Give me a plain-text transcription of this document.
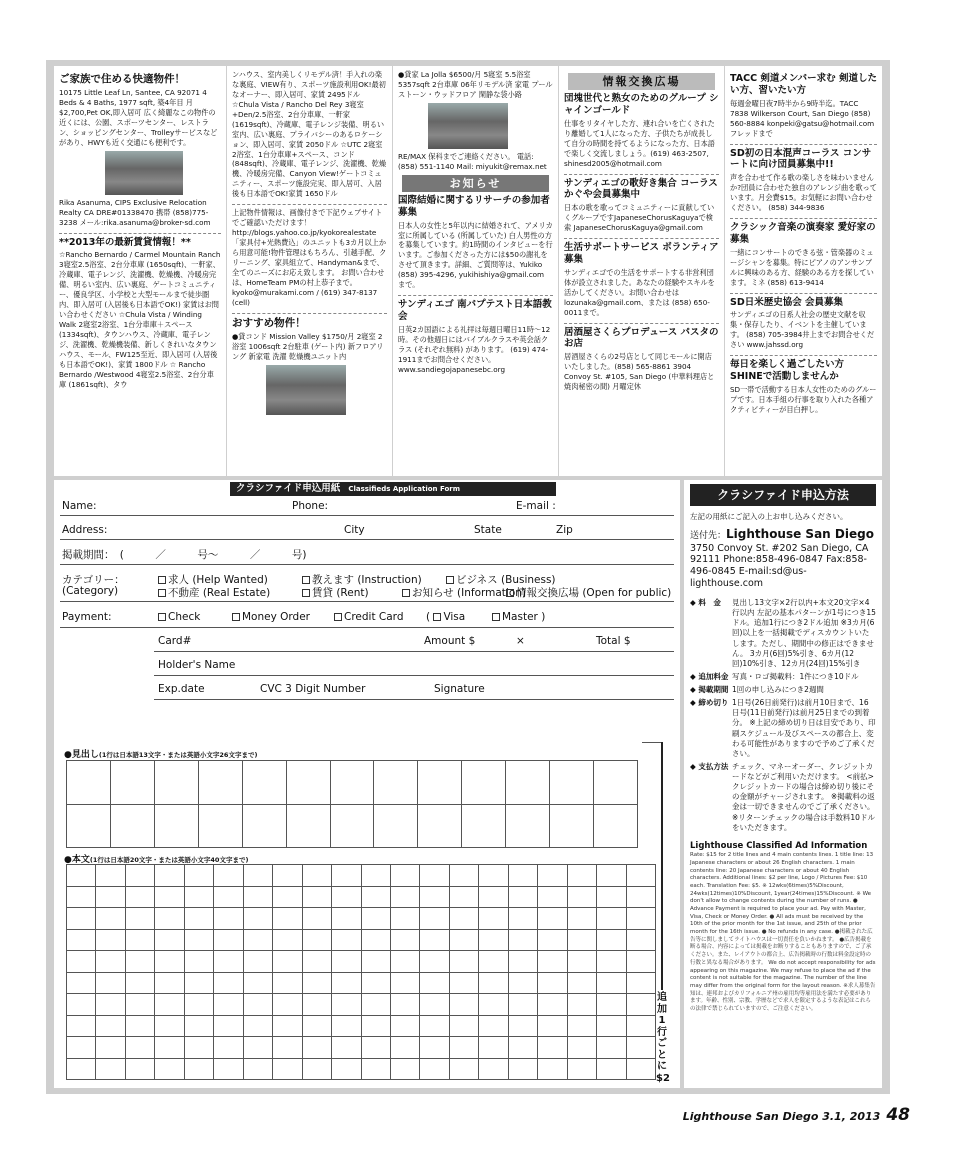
ご家族で住める快適物件！
10175 Little Leaf Ln, Santee, CA 92071 4 Beds & 4 Baths, 1977 sqft, 築4年目 月$2,700,Pet OK,即入居可 広く綺麗なこの物件の近くには、公園、スポーツセンター、レストラン、ショッピングセンター、Trolleyサービスなどがあり、HWYも近く交通にも便利です。
Rika Asanuma, CIPS Exclusive Relocation Realty CA DRE#01338470 携帯 (858)775-3238 メール:rika.asanuma@broker-sd.com
**2013年の最新賃貸情報！**
☆Rancho Bernardo / Carmel Mountain Ranch 3寝室2.5浴室、2台分車庫 (1650sqft)、一軒家、冷蔵庫、電子レンジ、洗濯機、乾燥機、冷暖房完備、明るい室内、広い裏庭、ゲートコミュニティー、優良学区、小学校と大型モールまで徒歩圏内、即入居可 (入居後も日本語でOK!) 家賃はお問い合わせください ☆Chula Vista / Winding Walk 2寝室2浴室、1台分車庫＋スペース (1334sqft)、タウンハウス、冷蔵庫、電子レンジ、洗濯機、乾燥機装備、新しくきれいなタウンハウス、モール、FW125至近、即入居可 (入居後も日本語でOK!)、家賃 1800ドル ☆ Rancho Bernardo /Westwood 4寝室2.5浴室、2台分車庫 (1861sqft)、タウ
ンハウス、室内美しくリモデル済！手入れの楽な裏庭、VIEW有り、スポーツ施設利用OK!最初なオーナー、即入居可、家賃 2495ドル ☆Chula Vista / Rancho Del Rey 3寝室+Den/2.5浴室、2台分車庫、一軒家 (1619sqft)、冷蔵庫、電子レンジ装備、明るい室内、広い裏庭、プライバシーのあるロケーション、即入居可、家賃 2050ドル ☆UTC 2寝室2浴室、1台分車庫+スペース、コンド (848sqft)、冷蔵庫、電子レンジ、洗濯機、乾燥機、冷暖房完備、Canyon View!ゲートコミュニティー、スポーツ施設完実、即入居可、入居後も日本語でOK!家賃 1650ドル
上記物件情報は、画像付きで下記ウェブサイトでご確認いただけます！ http://blogs.yahoo.co.jp/kyokorealestate 「家具付+光熱費込」のユニットも3カ月以上から用意可能!物件管理はもちろん、引越手配、クリーニング、家具組立て、Handyman&まで、全てのニーズにお応え致します。 お問い合わせは、HomeTeam PMの村上恭子まで。kyoko@murakami.com / (619) 347-8137 (cell)
おすすめ物件！
●貸コンド Mission Valley $1750/月 2寝室 2浴室 1006sqft 2台駐車 (ゲート内) 新フロアリング 新家電 洗濯 乾燥機ユニット内
●貸家 La Jolla $6500/月 5寝室 5.5浴室 5357sqft 2台車庫 06年リモデル済 家電 プール ストーン・ウッドフロア 閑静な袋小路
RE/MAX 保科までご連絡ください。 電話: (858) 551-1140 Mail: miyukit@remax.net
お知らせ
国際結婚に関するリサーチの参加者募集
日本人の女性と5年以内に結婚されて、アメリカ室に所属している (所属していた) 白人男性の方を募集しています。約1時間のインタビューを行います。ご参加くださった方には$50の謝礼をさせて頂きます。詳細、ご質問等は、Yukiko (858) 395-4296, yukihishiya@gmail.com まで。
サンディエゴ 南バプテスト日本語教会
日英2カ国語による礼拝は毎週日曜日11時〜12時。その他週日にはバイブルクラスや英会話クラス (それぞれ無料) があります。 (619) 474-1911までお問合せください。 www.sandiegojapanesebc.org
情報交換広場
団塊世代と熟女のためのグループ シャインゴールド
仕事をリタイヤした方、連れ合いを亡くされたり離婚して1人になった方、子供たちが成長して自分の時間を持てるようになった方、日本語で楽しく交流しましょう。(619) 463-2507, shinesd2005@hotmail.com
サンディエゴの歌好き集合 コーラスかぐや会員募集中
日本の歌を歌ってコミュニティーに貢献していくグループですJapaneseChorusKaguyaで検索 JapaneseChorusKaguya@gmail.com
生活サポートサービス ボランティア募集
サンディエゴでの生活をサポートする非営利団体が設立されました。あなたの経験やスキルを活かしてください。お問い合わせはlozunaka@gmail.com、または (858) 650-0011まで。
居酒屋さくらプロデュース パスタのお店
居酒屋さくらの2号店として同じモールに開店いたしました。(858) 565-8861 3904 Convoy St. #105, San Diego (中華料理店と焼肉秘密の間) 月曜定休
TACC 剣道メンバー求む 剣道したい方、習いたい方
毎週金曜日夜7時半から9時半迄。TACC 7838 Wilkerson Court, San Diego (858) 560-8884 konpeki@gatsu@hotmail.com フレッドまで
SD初の日本混声コーラス コンサートに向け団員募集中!!
声を合わせて作る歌の楽しさを味わいませんか?団員に合わせた独自のアレンジ曲を歌っています。月会費$15。お気軽にお問い合わせください。 (858) 344-9836
クラシック音楽の演奏家 愛好家の募集
一緒にコンサートのできる弦・管楽器のミュージシャンを募集。特にピアノのアンサンブルに興味のある方、経験のある方を探しています。ミネ (858) 613-9414
SD日米歴史協会 会員募集
サンディエゴの日系人社会の歴史文献を収集・保存したり、イベントを主催しています。 (858) 705-3984井上までお問合せください www.jahssd.org
毎日を楽しく過ごしたい方 SHINEで活動しませんか
SD一帯で活動する日本人女性のためのグループです。日本手組の行事を取り入れた各種アクティビティーが目白押し。
クラシファイド申込用紙 Classifieds Application Form
Name:	Phone:	E-mail :
Address:	City	State	Zip
掲載期間：　(　　　／　　　号〜　　　／　　　号)
カテゴリー：
(Category)
求人 (Help Wanted)	教えます (Instruction)	ビジネス (Business)
不動産 (Real Estate)	賃貸 (Rent)	お知らせ (Information)
情報交換広場 (Open for public)
Payment:	Check	Money Order	Credit Card ( Visa	Master )
Card#	Amount $	×	Total $
Holder's Name
Exp.date	CVC 3 Digit Number	Signature
●見出し(1行は日本語13文字・または英語小文字26文字まで)
●本文(1行は日本語20文字・または英語小文字40文字まで)
追
加
1
行
ご
と
に
$2
クラシファイド申込方法
左記の用紙にご記入の上お申し込みください。
送付先：Lighthouse San Diego
3750 Convoy St. #202 San Diego, CA 92111 Phone:858-496-0847 Fax:858-496-0845 E-mail:sd@us-lighthouse.com
◆ 料　金	見出し13文字×2行以内+本文20文字×4行以内 左記の基本パターンが1号につき15ドル。追加1行につき2ドル追加 ※3カ月(6回)以上を一括掲載でディスカウントいたします。ただし、期間中の修正はできません。 3カ月(6回)5%引き、6カ月(12回)10%引き、12カ月(24回)15%引き
◆ 追加料金 写真・ロゴ掲載料：1件につき10ドル
◆ 掲載期間 1回の申し込みにつき2週間
◆ 締め切り 1日号(26日前発行)は前月10日まで、16日号(11日前発行)は前月25日までの到着分。 ※上記の締め切り日は目安であり、印刷スケジュール及びスペースの都合上、変わる可能性がありますので予めご了承ください。
◆ 支払方法 チェック、マネーオーダー、クレジットカードなどがご利用いただけます。 <前払>クレジットカードの場合は締め切り後にその金額がチャージされます。 ※掲載料の返金は一切できませんのでご了承ください。 ※リターンチェックの場合は手数料10ドルをいただきます。
Lighthouse Classified Ad Information
Rate: $15 for 2 title lines and 4 main contents lines. 1 title line: 13 Japanese characters or about 26 English characters. 1 main contents line: 20 Japanese characters or about 40 English characters. Additional lines: $2 per line, Logo / Pictures Fee: $10 each. Translation Fee: $5. ※ 12wks(6times)5%Discount, 24wks(12times)10%Discount, 1year(24times)15%Discount. ※ We don't allow to change contents during the number of runs. ● Advance Payment is required to place your ad. Pay with Master, Visa, Check or Money Order. ● All ads must be received by the 10th of the prior month for the 1st issue, and 25th of the prior month for the 16th issue. ● No refunds in any case. ●掲載された広告等に関しましてライトハウスは一切責任を負いかねます。 ●広告掲載を断る場合、内容によっては掲載をお断りすることもありますので、ご了承ください。また、レイアウトの都合上、広告掲載時の行数は料金設定時の行数と異なる場合があります。 We do not accept responsibility for ads appearing on this magazine. We may refuse to place the ad if the content is not suitable for the magazine. The number of the line may differ from the original form for the layout reason. ※求人募集告知は、連邦およびカリフォルニア州の雇用均等雇用法を満たす必要があります。年齢、性別、宗教、学歴などで求人を限定するような表記はこれらの法律で禁じられていますので、ご注意ください。
Lighthouse San Diego 3.1, 2013 48
